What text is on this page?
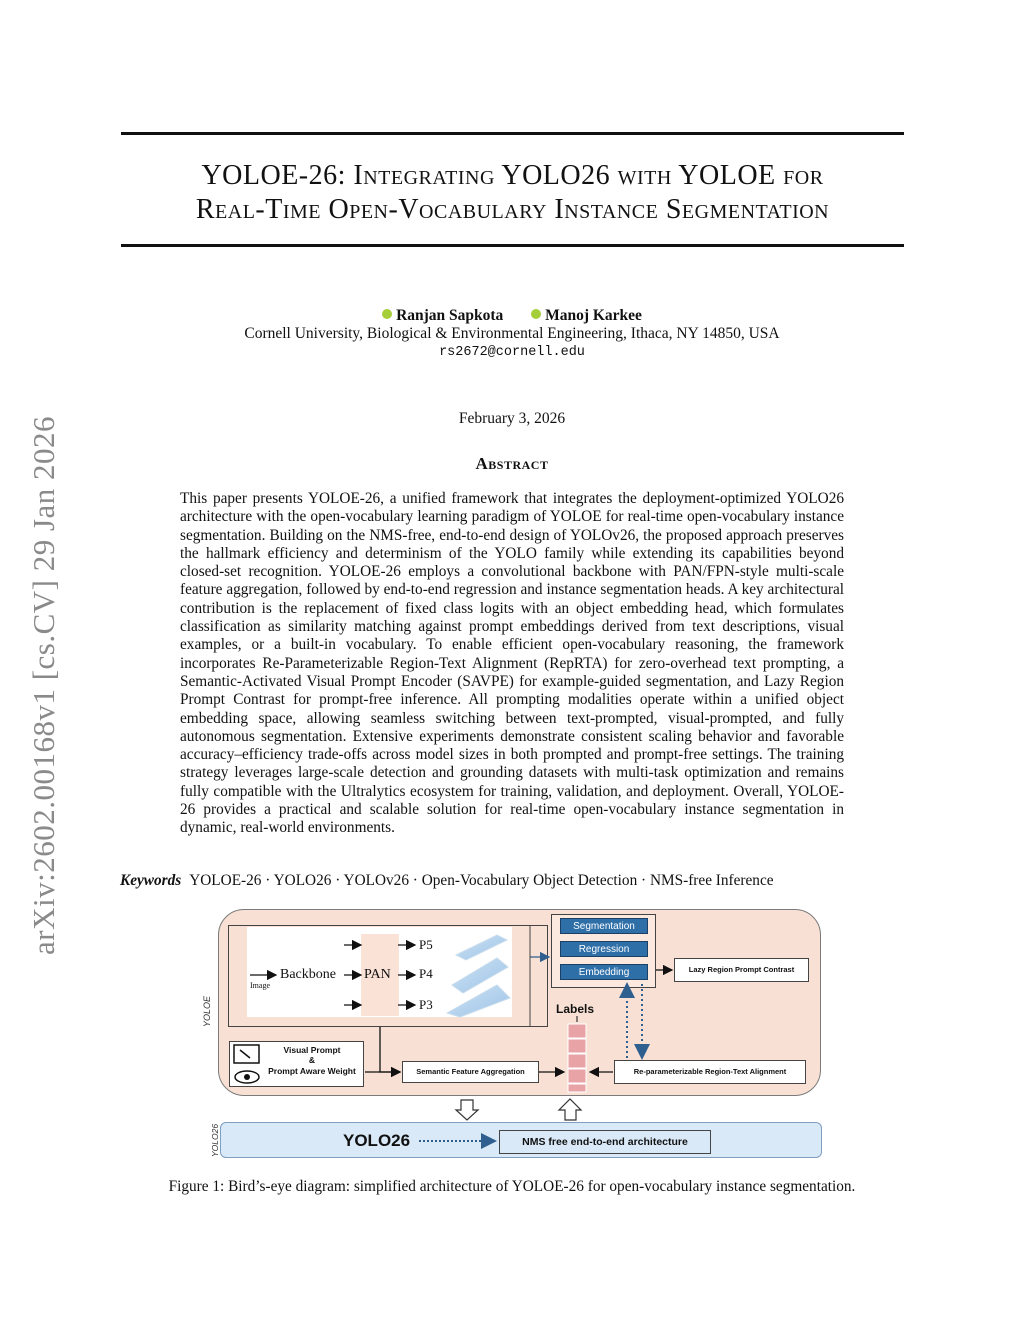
arXiv:2602.00168v1 [cs.CV] 29 Jan 2026
YOLOE-26: Integrating YOLO26 with YOLOE for
Real-Time Open-Vocabulary Instance Segmentation
Ranjan Sapkota	Manoj Karkee
Cornell University, Biological & Environmental Engineering, Ithaca, NY 14850, USA
rs2672@cornell.edu
February 3, 2026
Abstract
This paper presents YOLOE-26, a unified framework that integrates the deployment-optimized YOLO26 architecture with the open-vocabulary learning paradigm of YOLOE for real-time open-vocabulary instance segmentation. Building on the NMS-free, end-to-end design of YOLOv26, the proposed approach preserves the hallmark efficiency and determinism of the YOLO family while extending its capabilities beyond closed-set recognition. YOLOE-26 employs a convolutional backbone with PAN/FPN-style multi-scale feature aggregation, followed by end-to-end regression and instance segmentation heads. A key architectural contribution is the replacement of fixed class logits with an object embedding head, which formulates classification as similarity matching against prompt embeddings derived from text descriptions, visual examples, or a built-in vocabulary. To enable efficient open-vocabulary reasoning, the framework incorporates Re-Parameterizable Region-Text Alignment (RepRTA) for zero-overhead text prompting, a Semantic-Activated Visual Prompt Encoder (SAVPE) for example-guided segmentation, and Lazy Region Prompt Contrast for prompt-free inference. All prompting modalities operate within a unified object embedding space, allowing seamless switching between text-prompted, visual-prompted, and fully autonomous segmentation. Extensive experiments demonstrate consistent scaling behavior and favorable accuracy–efficiency trade-offs across model sizes in both prompted and prompt-free settings. The training strategy leverages large-scale detection and grounding datasets with multi-task optimization and remains fully compatible with the Ultralytics ecosystem for training, validation, and deployment. Overall, YOLOE-26 provides a practical and scalable solution for real-time open-vocabulary instance segmentation in dynamic, real-world environments.
Keywords YOLOE-26 · YOLO26 · YOLOv26 · Open-Vocabulary Object Detection · NMS-free Inference
YOLOE
Image
Backbone PAN
P5
P4
P3
Segmentation
Regression
Embedding	Lazy Region Prompt Contrast
Labels
Visual Prompt
&
Prompt Aware Weight	Semantic Feature Aggregation	Re-parameterizable Region-Text Alignment
YOLO26	YOLO26	NMS free end-to-end architecture
Figure 1: Bird’s-eye diagram: simplified architecture of YOLOE-26 for open-vocabulary instance segmentation.
